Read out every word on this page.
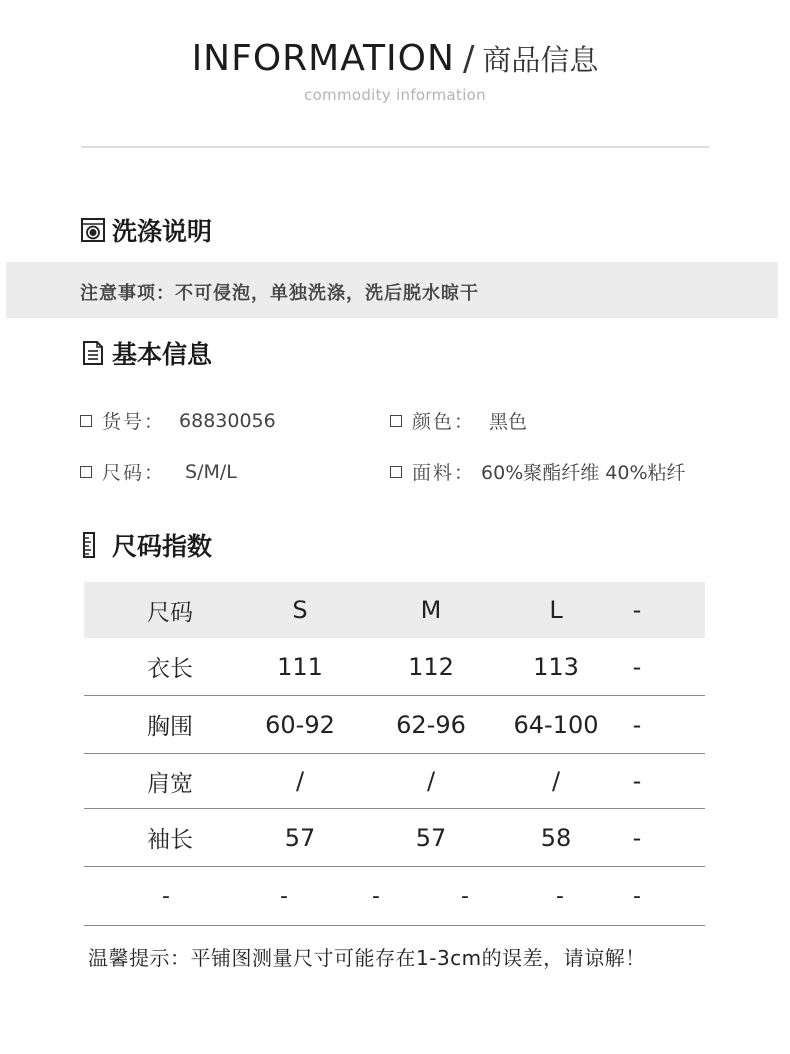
INFORMATION / 商品信息
commodity information
洗涤说明
注意事项：不可侵泡，单独洗涤，洗后脱水晾干
基本信息
货号： 68830056	颜色： 黑色
尺码： S/M/L	面料： 60%聚酯纤维 40%粘纤
尺码指数
尺码	S	M	L	-
衣长	111	112	113 -
胸围	60-92	62-96 64-100 -
肩宽	/	/	/	-
袖长	57	57	58	-
-	-	-	-	-	-
温馨提示：平铺图测量尺寸可能存在1-3cm的误差，请谅解！
